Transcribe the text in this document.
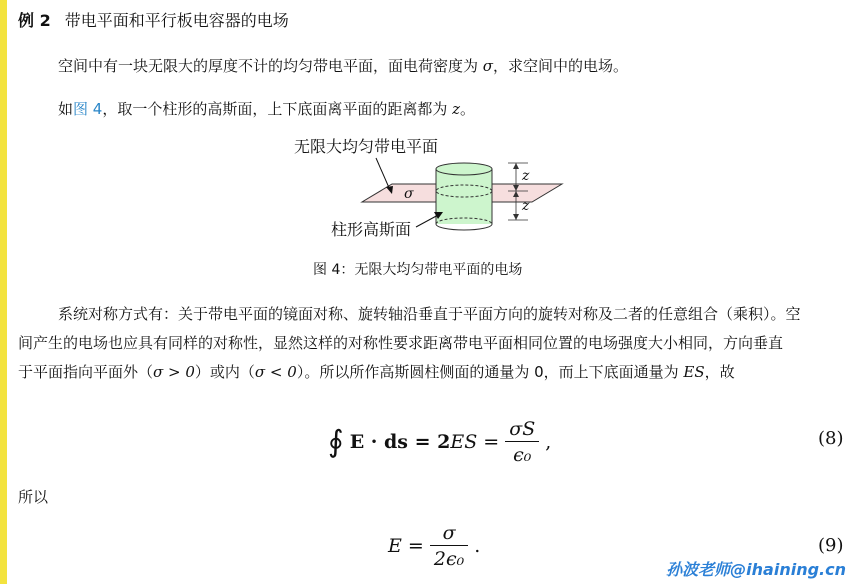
例 2 带电平面和平行板电容器的电场
空间中有一块无限大的厚度不计的均匀带电平面，面电荷密度为 σ，求空间中的电场。
如图 4，取一个柱形的高斯面，上下底面离平面的距离都为 z。
z
z
σ
无限大均匀带电平面
柱形高斯面
图 4：无限大均匀带电平面的电场
系统对称方式有：关于带电平面的镜面对称、旋转轴沿垂直于平面方向的旋转对称及二者的任意组合（乘积）。空
间产生的电场也应具有同样的对称性，显然这样的对称性要求距离带电平面相同位置的电场强度大小相同，方向垂直
于平面指向平面外（σ > 0）或内（σ < 0）。所以所作高斯圆柱侧面的通量为 0，而上下底面通量为 ES，故
∮ E · ds = $2ES = \frac{\sigma S}{\text{ϵ₀}}$ ,	(8)
所以
$E = \frac{\sigma}{\text{2ϵ₀}}$ .	(9)
孙波老师@ihaining.cn
